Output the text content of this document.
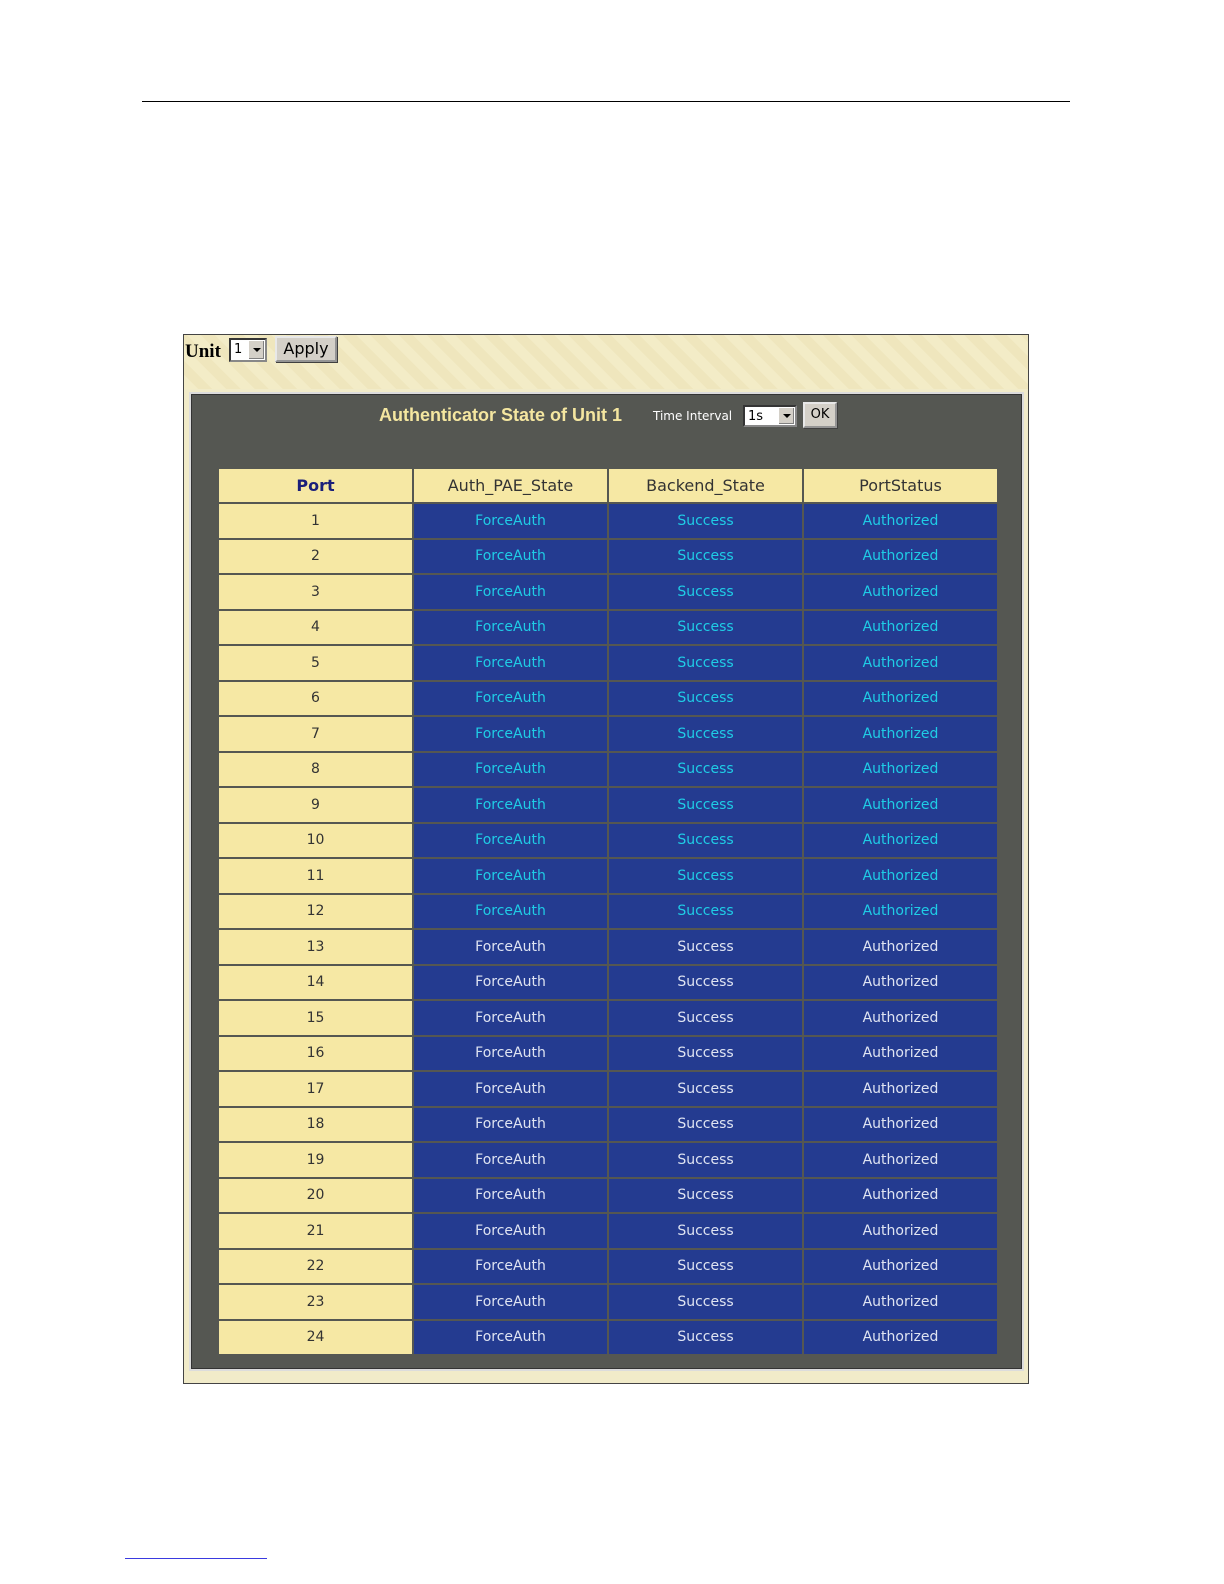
Unit 1	Apply
Authenticator State of Unit 1	Time Interval 1s	OK
Port	Auth_PAE_State	Backend_State	PortStatus
1	ForceAuth	Success	Authorized
2	ForceAuth	Success	Authorized
3	ForceAuth	Success	Authorized
4	ForceAuth	Success	Authorized
5	ForceAuth	Success	Authorized
6	ForceAuth	Success	Authorized
7	ForceAuth	Success	Authorized
8	ForceAuth	Success	Authorized
9	ForceAuth	Success	Authorized
10	ForceAuth	Success	Authorized
11	ForceAuth	Success	Authorized
12	ForceAuth	Success	Authorized
13	ForceAuth	Success	Authorized
14	ForceAuth	Success	Authorized
15	ForceAuth	Success	Authorized
16	ForceAuth	Success	Authorized
17	ForceAuth	Success	Authorized
18	ForceAuth	Success	Authorized
19	ForceAuth	Success	Authorized
20	ForceAuth	Success	Authorized
21	ForceAuth	Success	Authorized
22	ForceAuth	Success	Authorized
23	ForceAuth	Success	Authorized
24	ForceAuth	Success	Authorized
